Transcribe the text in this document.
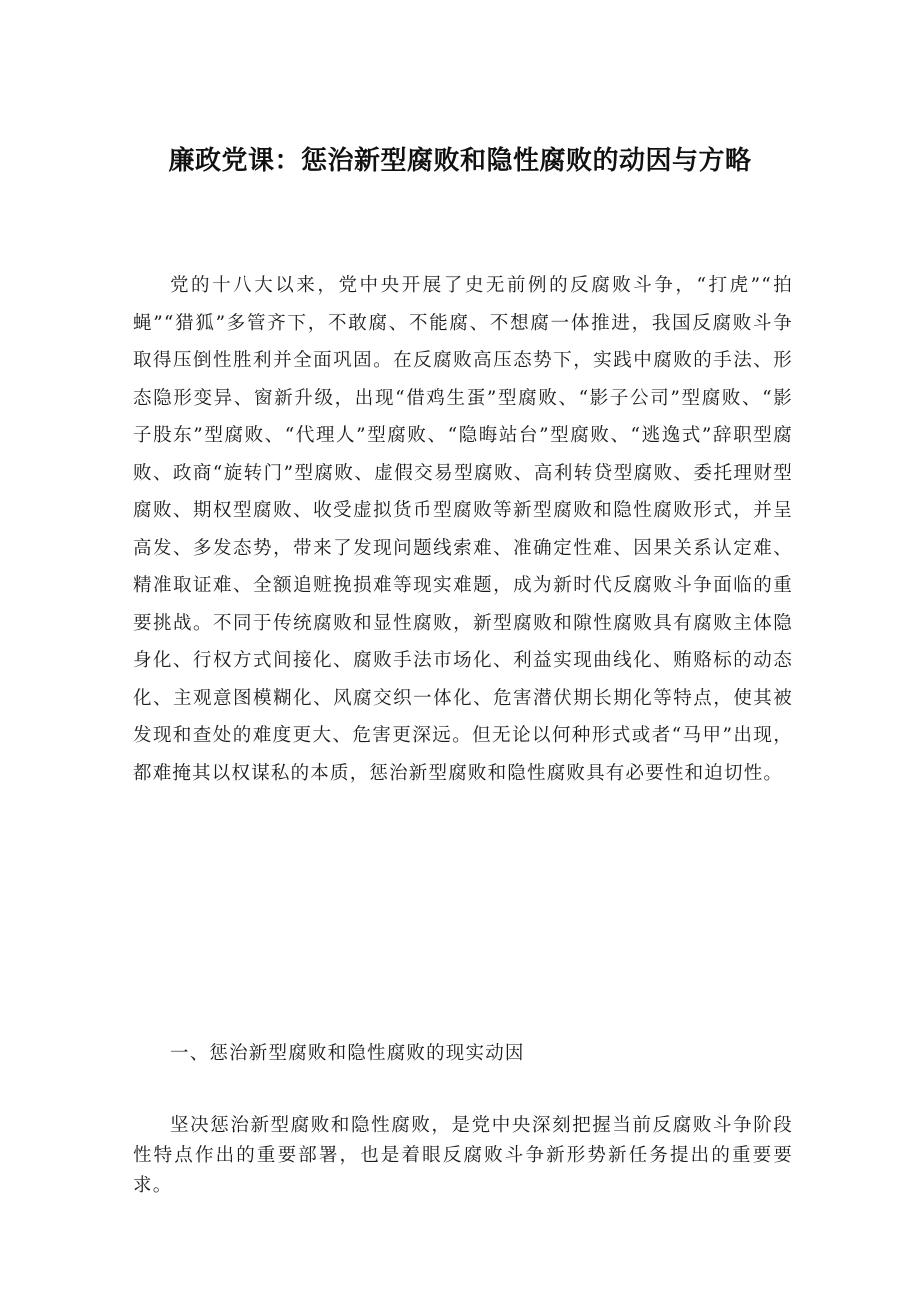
廉政党课：惩治新型腐败和隐性腐败的动因与方略

党的十八大以来，党中央开展了史无前例的反腐败斗争，“打虎”“拍蝇”“猎狐”多管齐下，不敢腐、不能腐、不想腐一体推进，我国反腐败斗争取得压倒性胜利并全面巩固。在反腐败高压态势下，实践中腐败的手法、形态隐形变异、窗新升级，出现“借鸡生蛋”型腐败、“影子公司”型腐败、“影子股东”型腐败、“代理人”型腐败、“隐晦站台”型腐败、“逃逸式”辞职型腐败、政商“旋转门”型腐败、虚假交易型腐败、高利转贷型腐败、委托理财型腐败、期权型腐败、收受虚拟货币型腐败等新型腐败和隐性腐败形式，并呈高发、多发态势，带来了发现问题线索难、准确定性难、因果关系认定难、精准取证难、全额追赃挽损难等现实难题，成为新时代反腐败斗争面临的重要挑战。不同于传统腐败和显性腐败，新型腐败和隙性腐败具有腐败主体隐身化、行权方式间接化、腐败手法市场化、利益实现曲线化、贿赂标的动态化、主观意图模糊化、风腐交织一体化、危害潜伏期长期化等特点，使其被发现和查处的难度更大、危害更深远。但无论以何种形式或者“马甲”出现，都难掩其以权谋私的本质，惩治新型腐败和隐性腐败具有必要性和迫切性。

一、惩治新型腐败和隐性腐败的现实动因

坚决惩治新型腐败和隐性腐败，是党中央深刻把握当前反腐败斗争阶段性特点作出的重要部署，也是着眼反腐败斗争新形势新任务提出的重要要求。
